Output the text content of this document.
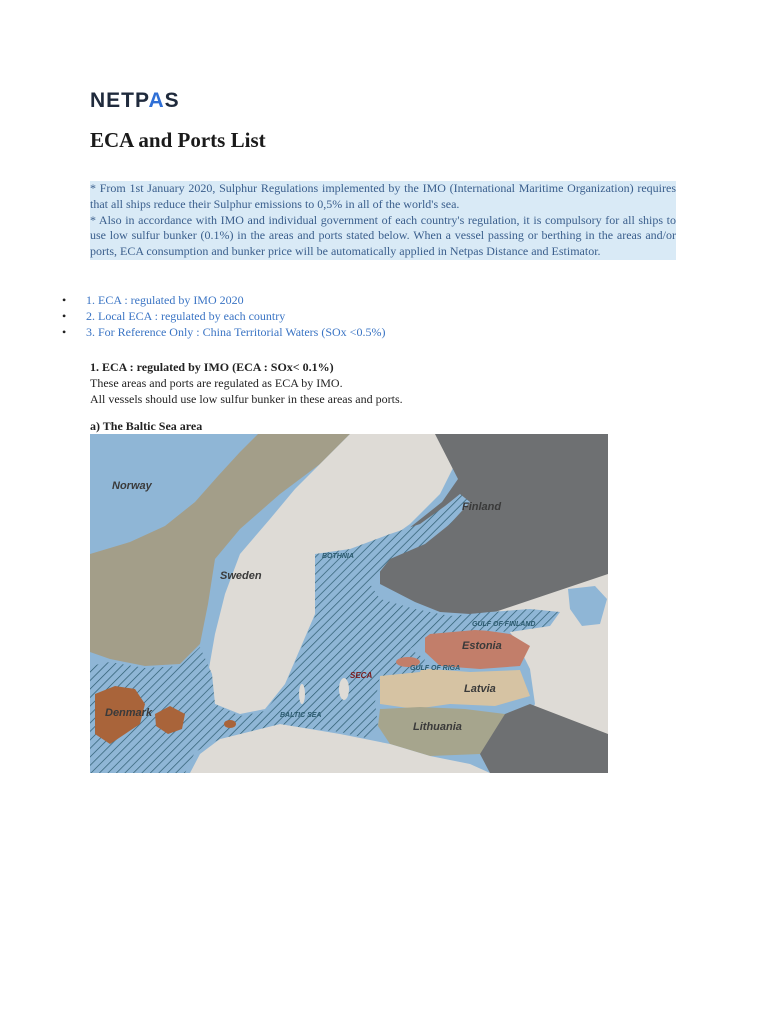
NETPAS
ECA and Ports List

* From 1st January 2020, Sulphur Regulations implemented by the IMO (International Maritime Organization) requires that all ships reduce their Sulphur emissions to 0,5% in all of the world's sea.

* Also in accordance with IMO and individual government of each country's regulation, it is compulsory for all ships to use low sulfur bunker (0.1%) in the areas and ports stated below. When a vessel passing or berthing in the areas and/or ports, ECA consumption and bunker price will be automatically applied in Netpas Distance and Estimator.

• 1. ECA : regulated by IMO 2020
• 2. Local ECA : regulated by each country
• 3. For Reference Only : China Territorial Waters (SOx <0.5%)
1. ECA : regulated by IMO (ECA : SOx< 0.1%)
These areas and ports are regulated as ECA by IMO.
All vessels should use low sulfur bunker in these areas and ports.
a) The Baltic Sea area
Norway
Sweden
Finland
Estonia
Latvia
Lithuania
Denmark
SECA
BOTHNIA
GULF OF FINLAND
GULF OF RIGA
BALTIC SEA
